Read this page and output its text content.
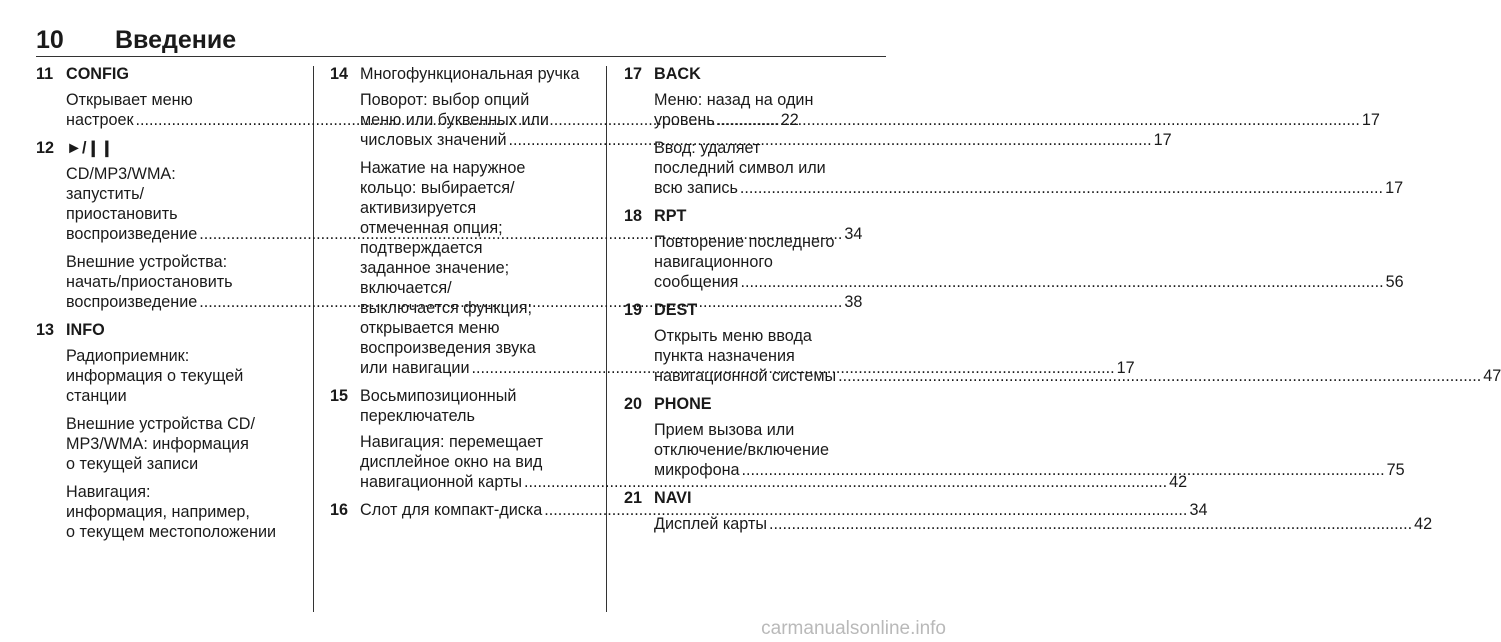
10 Введение
11 CONFIG
Открывает меню
настроек .....	22
12 ►/❙❙
CD/MP3/WMA:
запустить/
приостановить
воспроизведение .....	34
Внешние устройства:
начать/приостановить
воспроизведение .....	38
13 INFO
Радиоприемник:
информация о текущей
станции
Внешние устройства CD/
MP3/WMA: информация
о текущей записи
Навигация:
информация, например,
о текущем местоположении
14 Многофункциональная ручка
Поворот: выбор опций
меню или буквенных или
числовых значений .....	17
Нажатие на наружное
кольцо: выбирается/
активизируется
отмеченная опция;
подтверждается
заданное значение;
включается/
выключается функция;
открывается меню
воспроизведения звука
или навигации .....	17
15 Восьмипозиционный
переключатель
Навигация: перемещает
дисплейное окно на вид
навигационной карты .....	42
16 Слот для компакт-диска .....	34
17 BACK
Меню: назад на один
уровень .....	17
Ввод: удаляет
последний символ или
всю запись .....	17
18 RPT
Повторение последнего
навигационного
сообщения .....	56
19 DEST
Открыть меню ввода
пункта назначения
навигационной системы .....	47
20 PHONE
Прием вызова или
отключение/включение
микрофона .....	75
21 NAVI
Дисплей карты .....	42
carmanualsonline.info
